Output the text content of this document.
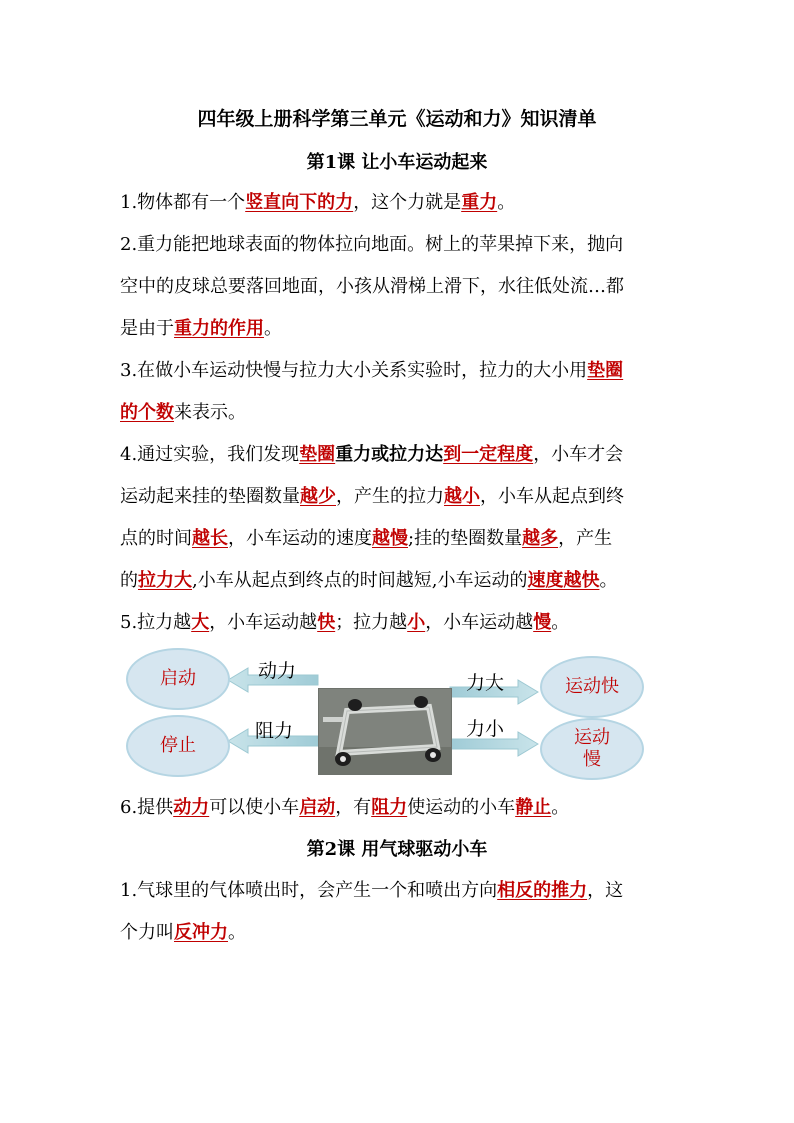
四年级上册科学第三单元《运动和力》知识清单
第1课 让小车运动起来

1.物体都有一个竖直向下的力，这个力就是重力。

2.重力能把地球表面的物体拉向地面。树上的苹果掉下来，抛向

空中的皮球总要落回地面，小孩从滑梯上滑下，水往低处流…都

是由于重力的作用。

3.在做小车运动快慢与拉力大小关系实验时，拉力的大小用垫圈

的个数来表示。

4.通过实验，我们发现垫圈重力或拉力达到一定程度，小车才会

运动起来挂的垫圈数量越少，产生的拉力越小，小车从起点到终

点的时间越长，小车运动的速度越慢;挂的垫圈数量越多，产生

的拉力大,小车从起点到终点的时间越短,小车运动的速度越快。

5.拉力越大，小车运动越快；拉力越小，小车运动越慢。

启动
停止
运动快
运动
慢
动力
阻力
力大
力小

6.提供动力可以使小车启动，有阻力使运动的小车静止。

第2课 用气球驱动小车

1.气球里的气体喷出时，会产生一个和喷出方向相反的推力，这

个力叫反冲力。
